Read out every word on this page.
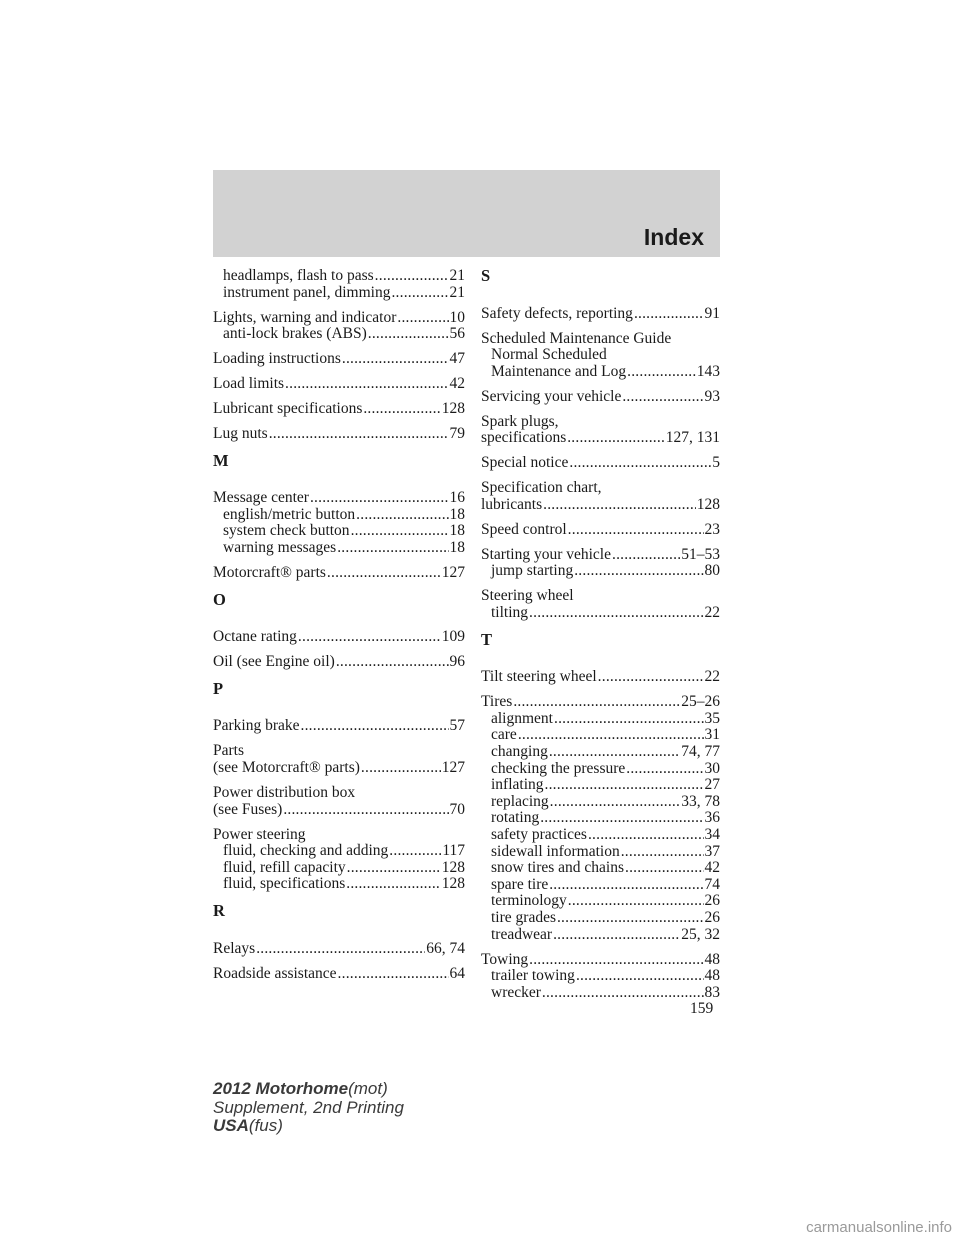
Index
headlamps, flash to pass .....	21
instrument panel, dimming .....	21
Lights, warning and indicator .....	10
anti-lock brakes (ABS) .....	56
Loading instructions .....	47
Load limits .....	42
Lubricant specifications .....	128
Lug nuts .....	79
M
Message center .....	16
english/metric button .....	18
system check button .....	18
warning messages .....	18
Motorcraft® parts .....	127
O
Octane rating .....	109
Oil (see Engine oil) .....	96
P
Parking brake .....	57
Parts
(see Motorcraft® parts) .....	127
Power distribution box
(see Fuses) .....	70
Power steering
fluid, checking and adding .....	117
fluid, refill capacity .....	128
fluid, specifications .....	128
R
Relays .....	66, 74
Roadside assistance .....	64
S
Safety defects, reporting .....	91
Scheduled Maintenance Guide
Normal Scheduled
Maintenance and Log .....	143
Servicing your vehicle .....	93
Spark plugs,
specifications .....	127, 131
Special notice .....	5
Specification chart,
lubricants .....	128
Speed control .....	23
Starting your vehicle .....	51–53
jump starting .....	80
Steering wheel
tilting .....	22
T
Tilt steering wheel .....	22
Tires .....	25–26
alignment .....	35
care .....	31
changing .....	74, 77
checking the pressure .....	30
inflating .....	27
replacing .....	33, 78
rotating .....	36
safety practices .....	34
sidewall information .....	37
snow tires and chains .....	42
spare tire .....	74
terminology .....	26
tire grades .....	26
treadwear .....	25, 32
Towing .....	48
trailer towing .....	48
wrecker .....	83
159
2012 Motorhome(mot)
Supplement, 2nd Printing
USA(fus)
carmanualsonline.info
